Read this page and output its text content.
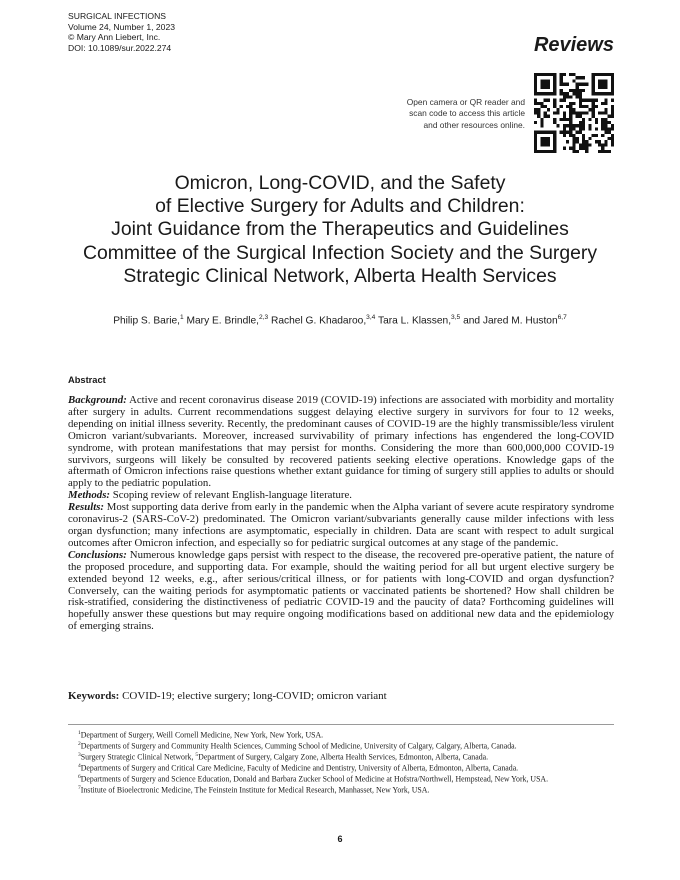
SURGICAL INFECTIONS
Volume 24, Number 1, 2023
© Mary Ann Liebert, Inc.
DOI: 10.1089/sur.2022.274	Reviews
Open camera or QR reader and
scan code to access this article
and other resources online.
Omicron, Long-COVID, and the Safety
of Elective Surgery for Adults and Children:
Joint Guidance from the Therapeutics and Guidelines
Committee of the Surgical Infection Society and the Surgery
Strategic Clinical Network, Alberta Health Services
Philip S. Barie,$^1$ Mary E. Brindle,$^{2,3}$ Rachel G. Khadaroo,$^{3,4}$ Tara L. Klassen,$^{3,5}$ and Jared M. Huston$^{6,7}$
Abstract

Background: Active and recent coronavirus disease 2019 (COVID-19) infections are associated with morbidity and mortality after surgery in adults. Current recommendations suggest delaying elective surgery in survivors for four to 12 weeks, depending on initial illness severity. Recently, the predominant causes of COVID-19 are the highly transmissible/less virulent Omicron variant/subvariants. Moreover, increased survivability of primary infections has engendered the long-COVID syndrome, with protean manifestations that may persist for months. Considering the more than 600,000,000 COVID-19 survivors, surgeons will likely be consulted by recovered patients seeking elective operations. Knowledge gaps of the aftermath of Omicron infections raise questions whether extant guidance for timing of surgery still applies to adults or should apply to the pediatric population.

Methods: Scoping review of relevant English-language literature.

Results: Most supporting data derive from early in the pandemic when the Alpha variant of severe acute respiratory syndrome coronavirus-2 (SARS-CoV-2) predominated. The Omicron variant/subvariants generally cause milder infections with less organ dysfunction; many infections are asymptomatic, especially in children. Data are scant with respect to adult surgical outcomes after Omicron infection, and especially so for pediatric surgical outcomes at any stage of the pandemic.

Conclusions: Numerous knowledge gaps persist with respect to the disease, the recovered pre-operative patient, the nature of the proposed procedure, and supporting data. For example, should the waiting period for all but urgent elective surgery be extended beyond 12 weeks, e.g., after serious/critical illness, or for patients with long-COVID and organ dysfunction? Conversely, can the waiting periods for asymptomatic patients or vaccinated patients be shortened? How shall children be risk-stratified, considering the distinctiveness of pediatric COVID-19 and the paucity of data? Forthcoming guidelines will hopefully answer these questions but may require ongoing modifications based on additional new data and the epidemiology of emerging strains.

Keywords: COVID-19; elective surgery; long-COVID; omicron variant

$^1$Department of Surgery, Weill Cornell Medicine, New York, New York, USA.

$^2$Departments of Surgery and Community Health Sciences, Cumming School of Medicine, University of Calgary, Calgary, Alberta, Canada.

$^3$Surgery Strategic Clinical Network, $^5$Department of Surgery, Calgary Zone, Alberta Health Services, Edmonton, Alberta, Canada.

$^4$Departments of Surgery and Critical Care Medicine, Faculty of Medicine and Dentistry, University of Alberta, Edmonton, Alberta, Canada.

$^6$Departments of Surgery and Science Education, Donald and Barbara Zucker School of Medicine at Hofstra/Northwell, Hempstead, New York, USA.

$^7$Institute of Bioelectronic Medicine, The Feinstein Institute for Medical Research, Manhasset, New York, USA.

6
